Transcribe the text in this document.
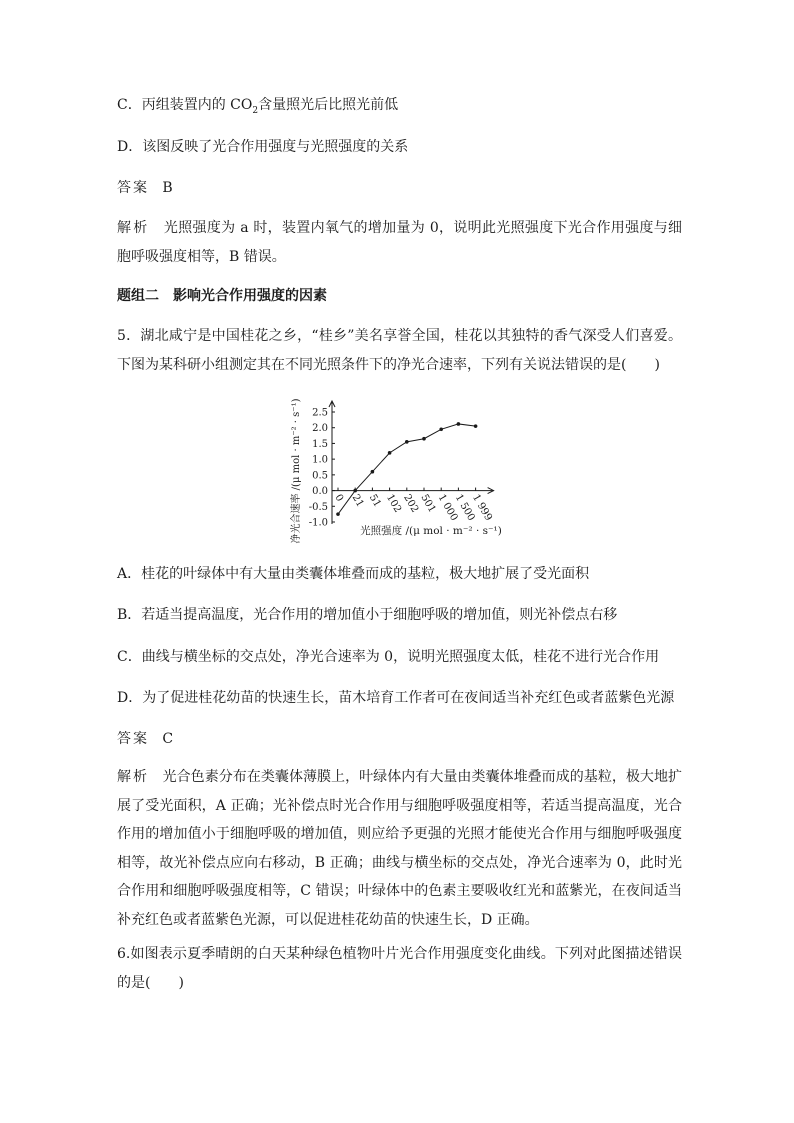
C．丙组装置内的 $CO_2$含量照光后比照光前低
D．该图反映了光合作用强度与光照强度的关系
答案 B
解析 光照强度为 a 时，装置内氧气的增加量为 0，说明此光照强度下光合作用强度与细胞呼吸强度相等，B 错误。
题组二　影响光合作用强度的因素
5．湖北咸宁是中国桂花之乡，“桂乡”美名享誉全国，桂花以其独特的香气深受人们喜爱。下图为某科研小组测定其在不同光照条件下的净光合速率，下列有关说法错误的是(　　)
2.5
2.0
1.5
1.0
0.5
0.0
-0.5
-1.0
0 21 51 102
202
501
1 000
1 500
1 999
净光合速率 /(μ mol · m⁻² · s⁻¹)	光照强度 /(μ mol · m⁻² · s⁻¹)
A．桂花的叶绿体中有大量由类囊体堆叠而成的基粒，极大地扩展了受光面积
B．若适当提高温度，光合作用的增加值小于细胞呼吸的增加值，则光补偿点右移
C．曲线与横坐标的交点处，净光合速率为 0，说明光照强度太低，桂花不进行光合作用
D．为了促进桂花幼苗的快速生长，苗木培育工作者可在夜间适当补充红色或者蓝紫色光源
答案 C
解析 光合色素分布在类囊体薄膜上，叶绿体内有大量由类囊体堆叠而成的基粒，极大地扩展了受光面积，A 正确；光补偿点时光合作用与细胞呼吸强度相等，若适当提高温度，光合作用的增加值小于细胞呼吸的增加值，则应给予更强的光照才能使光合作用与细胞呼吸强度相等，故光补偿点应向右移动，B 正确；曲线与横坐标的交点处，净光合速率为 0，此时光合作用和细胞呼吸强度相等，C 错误；叶绿体中的色素主要吸收红光和蓝紫光，在夜间适当补充红色或者蓝紫色光源，可以促进桂花幼苗的快速生长，D 正确。
6.如图表示夏季晴朗的白天某种绿色植物叶片光合作用强度变化曲线。下列对此图描述错误的是(　　)
